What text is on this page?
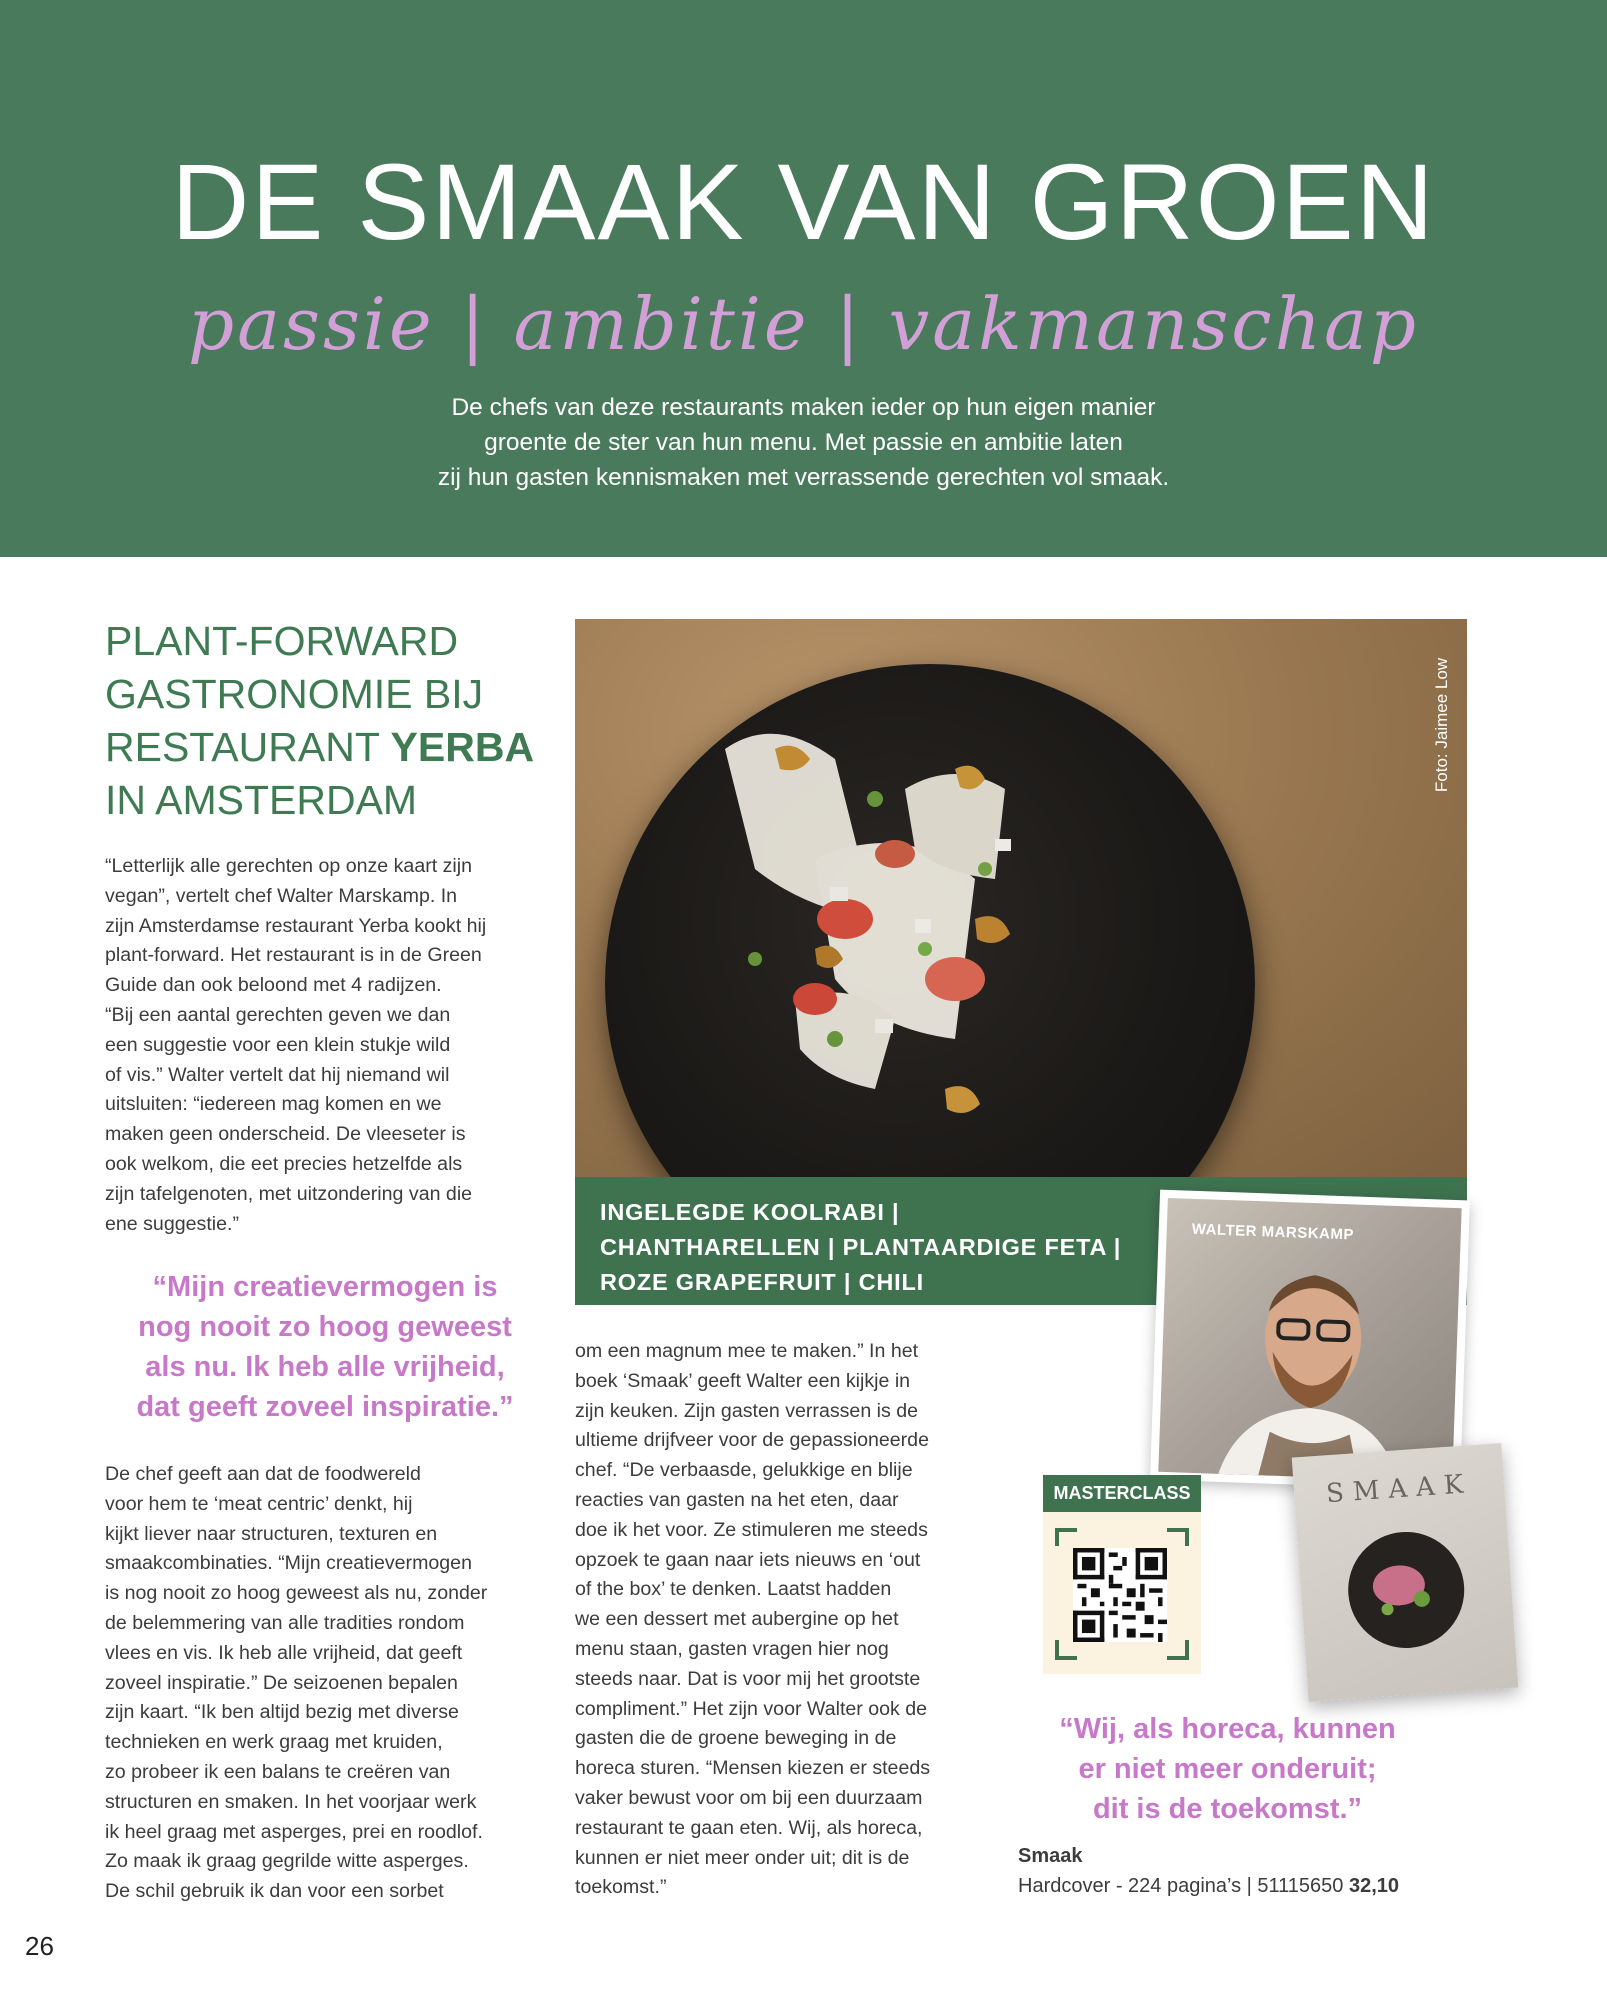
DE SMAAK VAN GROEN
passie | ambitie | vakmanschap

De chefs van deze restaurants maken ieder op hun eigen manier

groente de ster van hun menu. Met passie en ambitie laten

zij hun gasten kennismaken met verrassende gerechten vol smaak.

PLANT-FORWARD
GASTRONOMIE BIJ
RESTAURANT YERBA
IN AMSTERDAM

“Letterlijk alle gerechten op onze kaart zijn

vegan”, vertelt chef Walter Marskamp. In

zijn Amsterdamse restaurant Yerba kookt hij

plant-forward. Het restaurant is in de Green

Guide dan ook beloond met 4 radijzen.

“Bij een aantal gerechten geven we dan

een suggestie voor een klein stukje wild

of vis.” Walter vertelt dat hij niemand wil

uitsluiten: “iedereen mag komen en we

maken geen onderscheid. De vleeseter is

ook welkom, die eet precies hetzelfde als

zijn tafelgenoten, met uitzondering van die

ene suggestie.”

“Mijn creatievermogen is
nog nooit zo hoog geweest
als nu. Ik heb alle vrijheid,
dat geeft zoveel inspiratie.”

De chef geeft aan dat de foodwereld

voor hem te ‘meat centric’ denkt, hij

kijkt liever naar structuren, texturen en

smaakcombinaties. “Mijn creatievermogen

is nog nooit zo hoog geweest als nu, zonder

de belemmering van alle tradities rondom

vlees en vis. Ik heb alle vrijheid, dat geeft

zoveel inspiratie.” De seizoenen bepalen

zijn kaart. “Ik ben altijd bezig met diverse

technieken en werk graag met kruiden,

zo probeer ik een balans te creëren van

structuren en smaken. In het voorjaar werk

ik heel graag met asperges, prei en roodlof.

Zo maak ik graag gegrilde witte asperges.

De schil gebruik ik dan voor een sorbet

Foto: Jaimee Low

INGELEGDE KOOLRABI |

CHANTHARELLEN | PLANTAARDIGE FETA |

ROZE GRAPEFRUIT | CHILI

om een magnum mee te maken.” In het

boek ‘Smaak’ geeft Walter een kijkje in

zijn keuken. Zijn gasten verrassen is de

ultieme drijfveer voor de gepassioneerde

chef. “De verbaasde, gelukkige en blije

reacties van gasten na het eten, daar

doe ik het voor. Ze stimuleren me steeds

opzoek te gaan naar iets nieuws en ‘out

of the box’ te denken. Laatst hadden

we een dessert met aubergine op het

menu staan, gasten vragen hier nog

steeds naar. Dat is voor mij het grootste

compliment.” Het zijn voor Walter ook de

gasten die de groene beweging in de

horeca sturen. “Mensen kiezen er steeds

vaker bewust voor om bij een duurzaam

restaurant te gaan eten. Wij, als horeca,

kunnen er niet meer onder uit; dit is de

toekomst.”

WALTER MARSKAMP
MASTERCLASS	SMAAK
“Wij, als horeca, kunnen
er niet meer onderuit;
dit is de toekomst.”
Smaak
Hardcover - 224 pagina’s | 51115650 32,10
26
